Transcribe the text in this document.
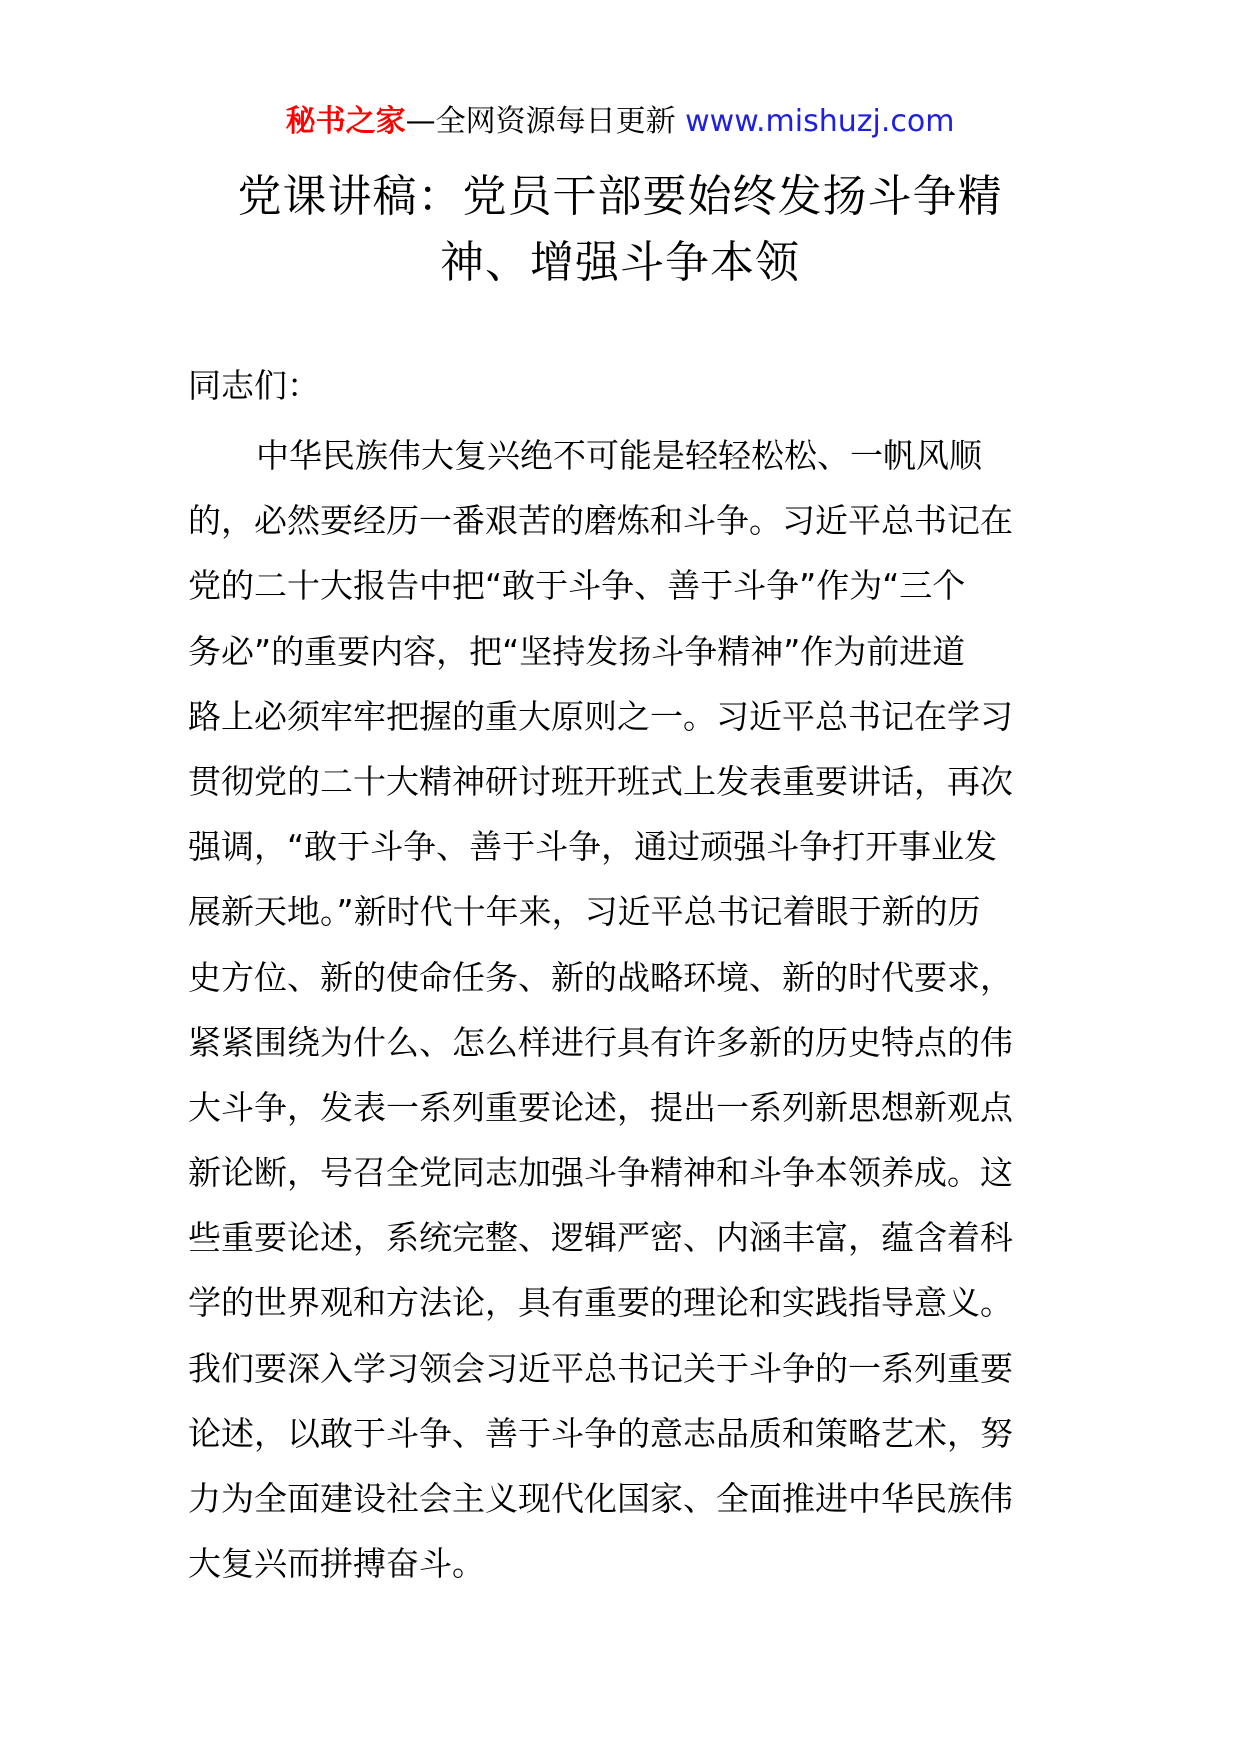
秘书之家—全网资源每日更新 www.mishuzj.com
党课讲稿：党员干部要始终发扬斗争精
神、增强斗争本领
同志们：
中华民族伟大复兴绝不可能是轻轻松松、一帆风顺
的，必然要经历一番艰苦的磨炼和斗争。习近平总书记在
党的二十大报告中把“敢于斗争、善于斗争”作为“三个
务必”的重要内容，把“坚持发扬斗争精神”作为前进道
路上必须牢牢把握的重大原则之一。习近平总书记在学习
贯彻党的二十大精神研讨班开班式上发表重要讲话，再次
强调，“敢于斗争、善于斗争，通过顽强斗争打开事业发
展新天地。”新时代十年来，习近平总书记着眼于新的历
史方位、新的使命任务、新的战略环境、新的时代要求，
紧紧围绕为什么、怎么样进行具有许多新的历史特点的伟
大斗争，发表一系列重要论述，提出一系列新思想新观点
新论断，号召全党同志加强斗争精神和斗争本领养成。这
些重要论述，系统完整、逻辑严密、内涵丰富，蕴含着科
学的世界观和方法论，具有重要的理论和实践指导意义。
我们要深入学习领会习近平总书记关于斗争的一系列重要
论述，以敢于斗争、善于斗争的意志品质和策略艺术，努
力为全面建设社会主义现代化国家、全面推进中华民族伟
大复兴而拼搏奋斗。
